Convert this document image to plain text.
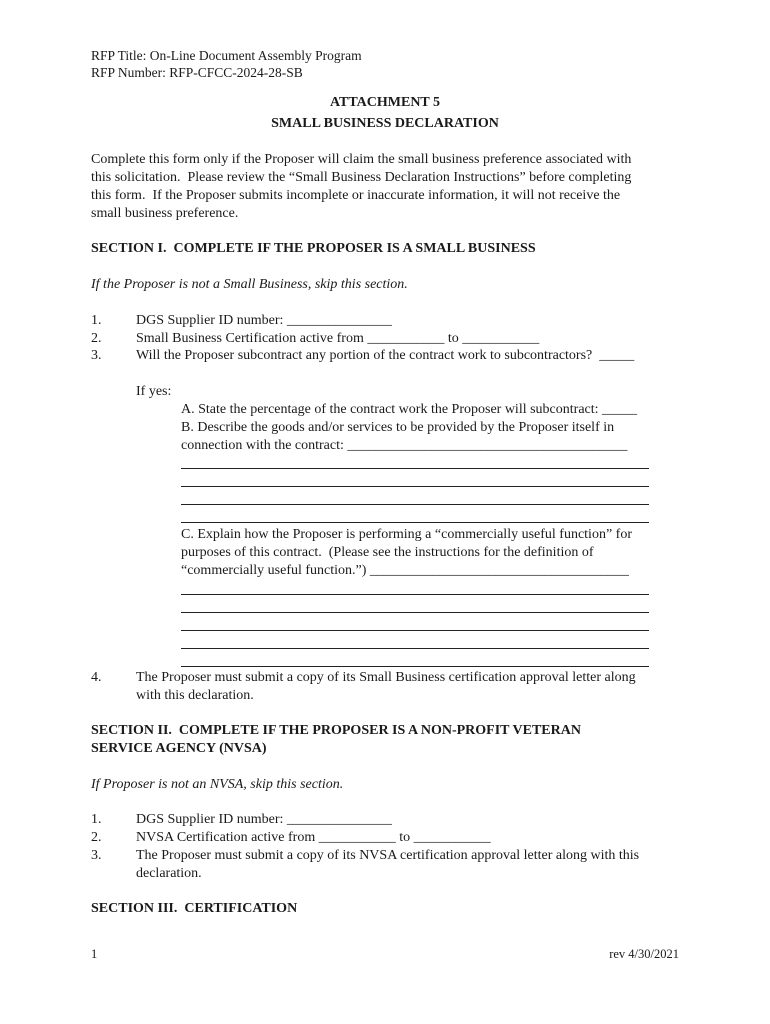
RFP Title: On-Line Document Assembly Program
RFP Number: RFP-CFCC-2024-28-SB
ATTACHMENT 5
SMALL BUSINESS DECLARATION
Complete this form only if the Proposer will claim the small business preference associated with
this solicitation.  Please review the “Small Business Declaration Instructions” before completing
this form.  If the Proposer submits incomplete or inaccurate information, it will not receive the
small business preference.
SECTION I.  COMPLETE IF THE PROPOSER IS A SMALL BUSINESS
If the Proposer is not a Small Business, skip this section.
1. DGS Supplier ID number: _______________
2. Small Business Certification active from ___________ to ___________
3. Will the Proposer subcontract any portion of the contract work to subcontractors?  _____
If yes:
A. State the percentage of the contract work the Proposer will subcontract: _____
B. Describe the goods and/or services to be provided by the Proposer itself in
connection with the contract: ________________________________________
C. Explain how the Proposer is performing a “commercially useful function” for
purposes of this contract.  (Please see the instructions for the definition of
“commercially useful function.”) _____________________________________
4. The Proposer must submit a copy of its Small Business certification approval letter along
with this declaration.
SECTION II.  COMPLETE IF THE PROPOSER IS A NON-PROFIT VETERAN
SERVICE AGENCY (NVSA)
If Proposer is not an NVSA, skip this section.
1. DGS Supplier ID number: _______________
2. NVSA Certification active from ___________ to ___________
3. The Proposer must submit a copy of its NVSA certification approval letter along with this
declaration.
SECTION III.  CERTIFICATION
1	rev 4/30/2021
